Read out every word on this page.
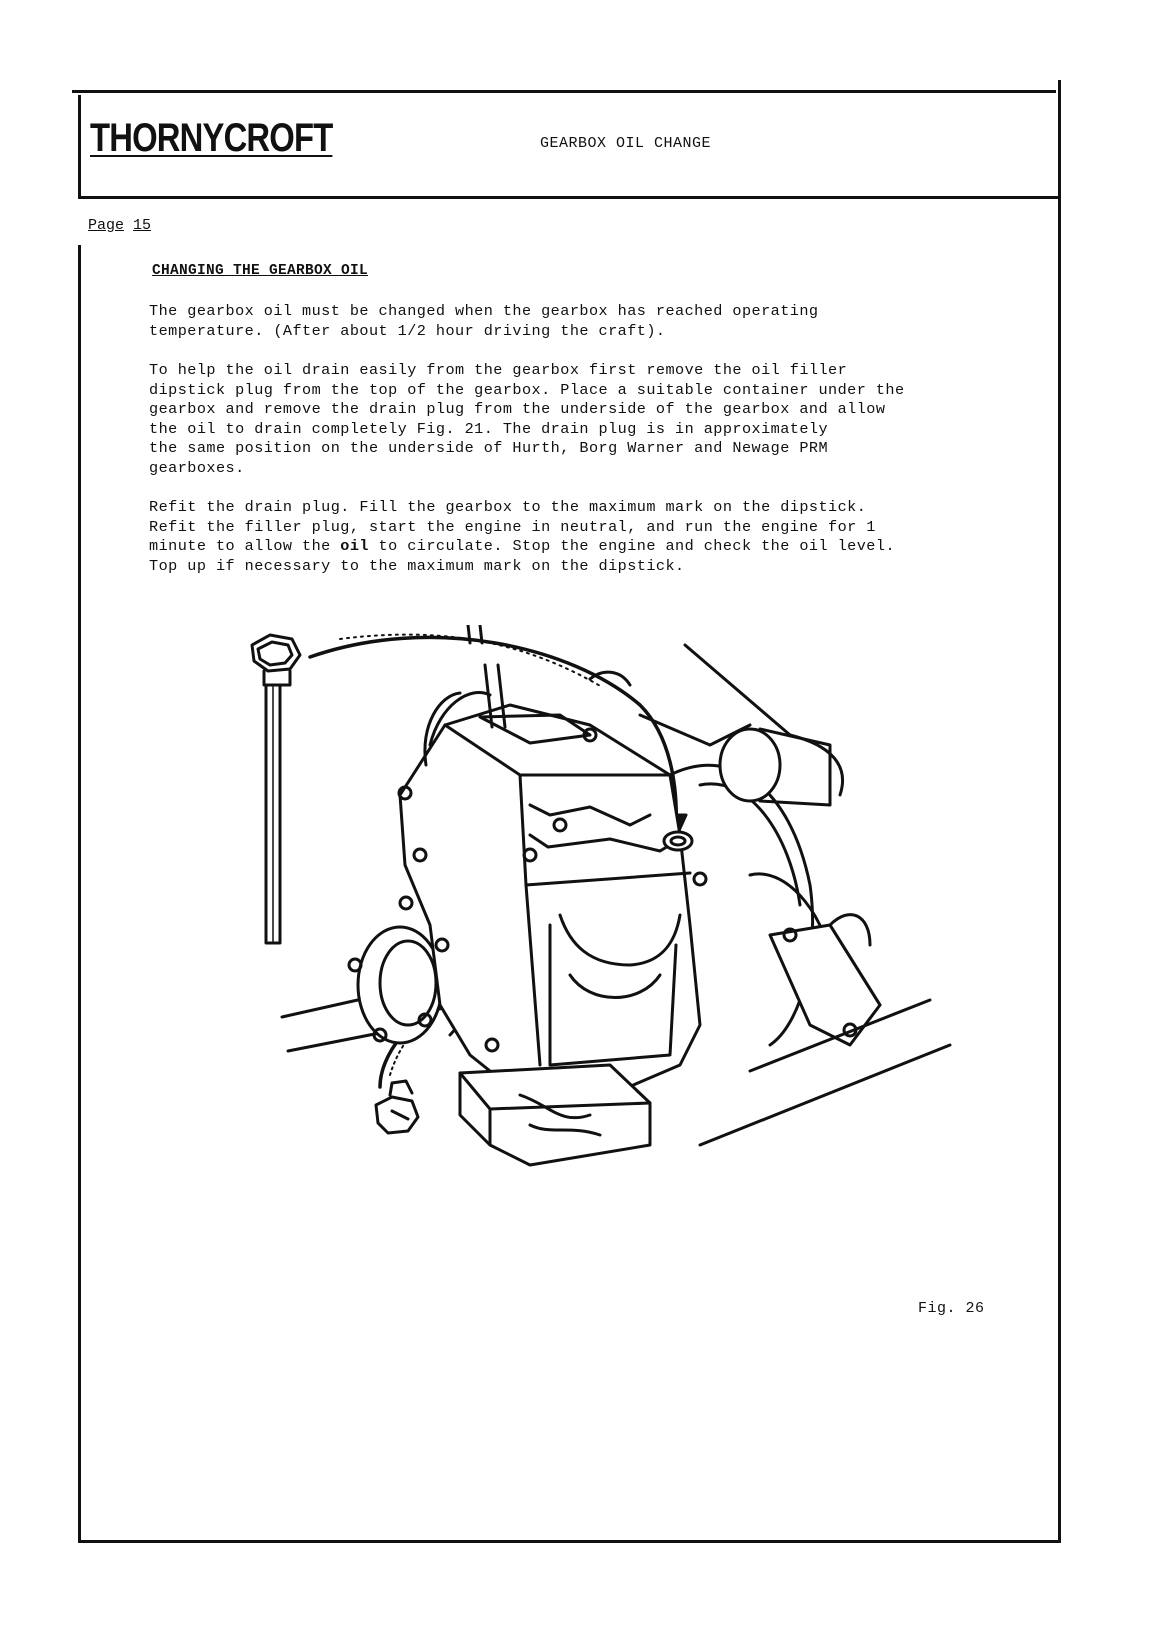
THORNYCROFT	GEARBOX OIL CHANGE
Page 15
CHANGING THE GEARBOX OIL
The gearbox oil must be changed when the gearbox has reached operating
temperature. (After about 1/2 hour driving the craft).
To help the oil drain easily from the gearbox first remove the oil filler
dipstick plug from the top of the gearbox. Place a suitable container under the
gearbox and remove the drain plug from the underside of the gearbox and allow
the oil to drain completely Fig. 21. The drain plug is in approximately
the same position on the underside of Hurth, Borg Warner and Newage PRM
gearboxes.
Refit the drain plug. Fill the gearbox to the maximum mark on the dipstick.
Refit the filler plug, start the engine in neutral, and run the engine for 1
minute to allow the oil to circulate. Stop the engine and check the oil level.
Top up if necessary to the maximum mark on the dipstick.
Fig. 26
